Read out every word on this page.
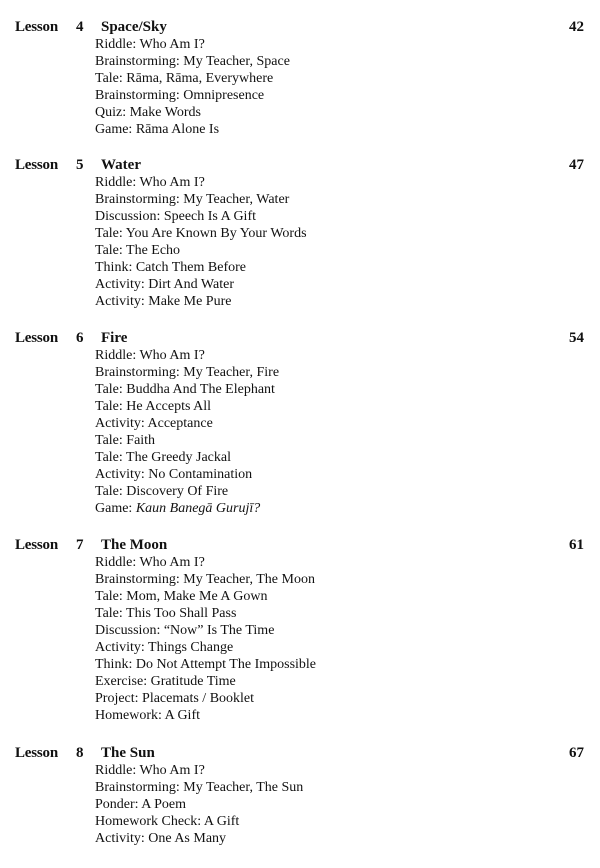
Lesson 4 Space/Sky	42
Riddle: Who Am I?
Brainstorming: My Teacher, Space
Tale: Rāma, Rāma, Everywhere
Brainstorming: Omnipresence
Quiz: Make Words
Game: Rāma Alone Is
Lesson 5 Water	47
Riddle: Who Am I?
Brainstorming: My Teacher, Water
Discussion: Speech Is A Gift
Tale: You Are Known By Your Words
Tale: The Echo
Think: Catch Them Before
Activity: Dirt And Water
Activity: Make Me Pure
Lesson 6 Fire	54
Riddle: Who Am I?
Brainstorming: My Teacher, Fire
Tale: Buddha And The Elephant
Tale: He Accepts All
Activity: Acceptance
Tale: Faith
Tale: The Greedy Jackal
Activity: No Contamination
Tale: Discovery Of Fire
Game: Kaun Banegā Gurujī?
Lesson 7 The Moon	61
Riddle: Who Am I?
Brainstorming: My Teacher, The Moon
Tale: Mom, Make Me A Gown
Tale: This Too Shall Pass
Discussion: “Now” Is The Time
Activity: Things Change
Think: Do Not Attempt The Impossible
Exercise: Gratitude Time
Project: Placemats / Booklet
Homework: A Gift
Lesson 8 The Sun	67
Riddle: Who Am I?
Brainstorming: My Teacher, The Sun
Ponder: A Poem
Homework Check: A Gift
Activity: One As Many
